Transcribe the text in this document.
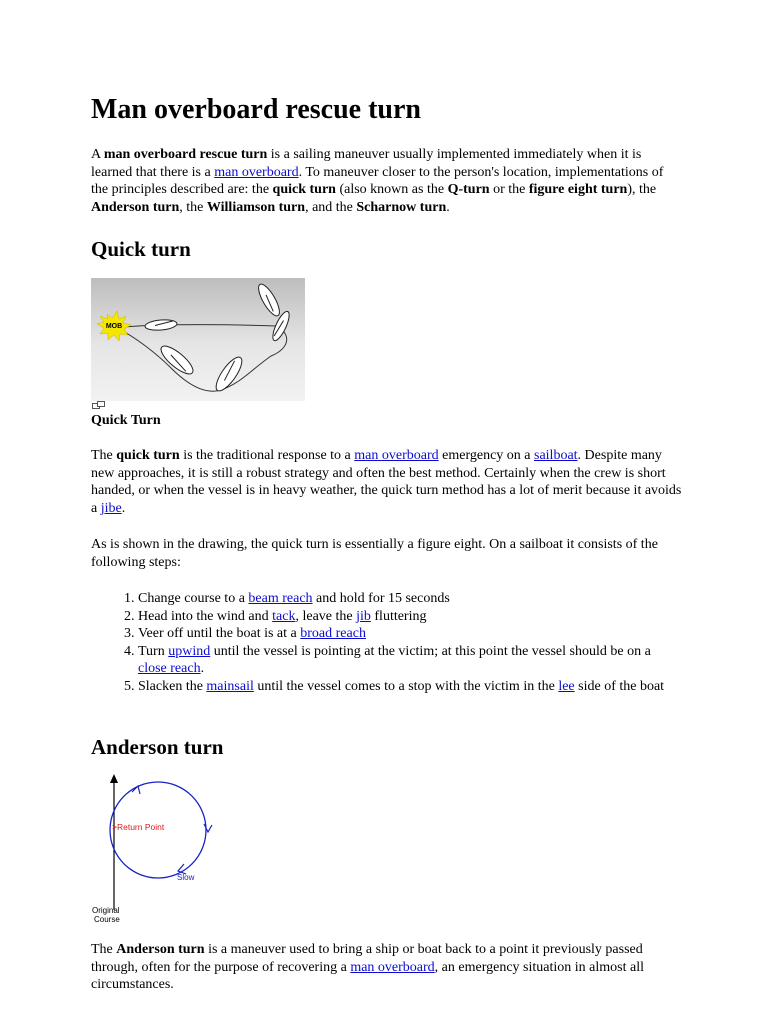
Man overboard rescue turn

A man overboard rescue turn is a sailing maneuver usually implemented immediately when it is learned that there is a man overboard. To maneuver closer to the person's location, implementations of the principles described are: the quick turn (also known as the Q-turn or the figure eight turn), the Anderson turn, the Williamson turn, and the Scharnow turn.

Quick turn
MOB

Quick Turn

The quick turn is the traditional response to a man overboard emergency on a sailboat. Despite many new approaches, it is still a robust strategy and often the best method. Certainly when the crew is short handed, or when the vessel is in heavy weather, the quick turn method has a lot of merit because it avoids a jibe.

As is shown in the drawing, the quick turn is essentially a figure eight. On a sailboat it consists of the following steps:

1. Change course to a beam reach and hold for 15 seconds
2. Head into the wind and tack, leave the jib fluttering
3. Veer off until the boat is at a broad reach
4. Turn upwind until the vessel is pointing at the victim; at this point the vessel should be on a close reach.
5. Slacken the mainsail until the vessel comes to a stop with the victim in the lee side of the boat
Anderson turn
>Return Point
Slow
Original
Course

The Anderson turn is a maneuver used to bring a ship or boat back to a point it previously passed through, often for the purpose of recovering a man overboard, an emergency situation in almost all circumstances.
